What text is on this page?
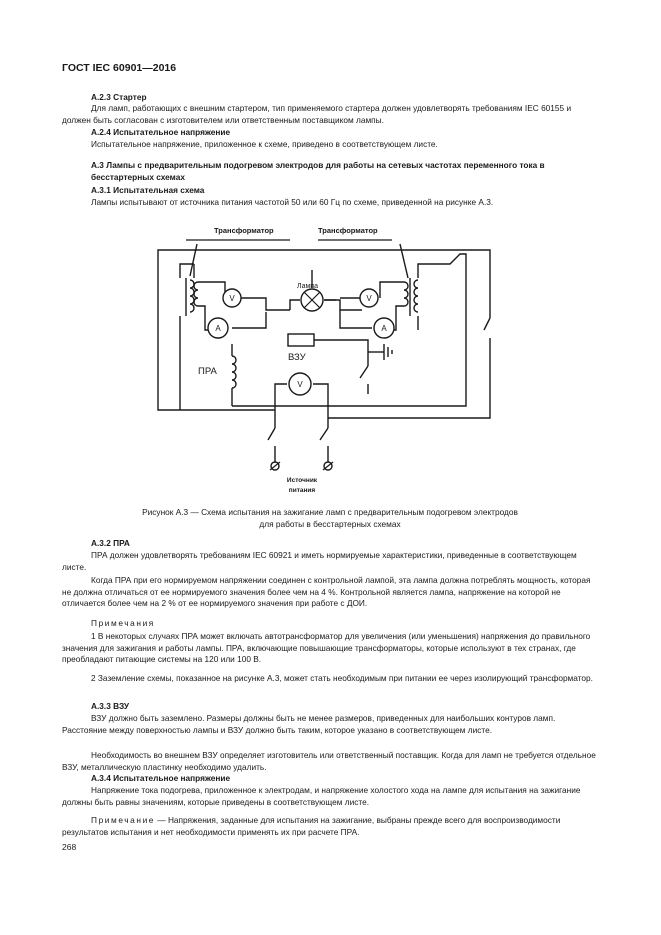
ГОСТ IEC 60901—2016
А.2.3 Стартер
Для ламп, работающих с внешним стартером, тип применяемого стартера должен удовлетворять требованиям IEC 60155 и должен быть согласован с изготовителем или ответственным поставщиком лампы.
А.2.4 Испытательное напряжение
Испытательное напряжение, приложенное к схеме, приведено в соответствующем листе.
А.3 Лампы с предварительным подогревом электродов для работы на сетевых частотах переменного тока в бесстартерных схемах
А.3.1 Испытательная схема
Лампы испытывают от источника питания частотой 50 или 60 Гц по схеме, приведенной на рисунке А.3.
V
A
V
A
V
Трансформатор	Трансформатор
Лампа
ВЗУ
ПРА
Источник
питания
Рисунок А.3 — Схема испытания на зажигание ламп с предварительным подогревом электродов
для работы в бесстартерных схемах
А.3.2 ПРА
ПРА должен удовлетворять требованиям IEC 60921 и иметь нормируемые характеристики, приведенные в соответствующем листе.
Когда ПРА при его нормируемом напряжении соединен с контрольной лампой, эта лампа должна потреблять мощность, которая не должна отличаться от ее нормируемого значения более чем на 4 %. Контрольной является лампа, напряжение на которой не отличается более чем на 2 % от ее нормируемого значения при работе с ДОИ.
Примечания
1 В некоторых случаях ПРА может включать автотрансформатор для увеличения (или уменьшения) напряжения до правильного значения для зажигания и работы лампы. ПРА, включающие повышающие трансформаторы, которые используют в тех странах, где преобладают питающие системы на 120 или 100 В.
2 Заземление схемы, показанное на рисунке А.3, может стать необходимым при питании ее через изолирующий трансформатор.
А.3.3 ВЗУ
ВЗУ должно быть заземлено. Размеры должны быть не менее размеров, приведенных для наибольших контуров ламп. Расстояние между поверхностью лампы и ВЗУ должно быть таким, которое указано в соответствующем листе.
Необходимость во внешнем ВЗУ определяет изготовитель или ответственный поставщик. Когда для ламп не требуется отдельное ВЗУ, металлическую пластинку необходимо удалить.
А.3.4 Испытательное напряжение
Напряжение тока подогрева, приложенное к электродам, и напряжение холостого хода на лампе для испытания на зажигание должны быть равны значениям, которые приведены в соответствующем листе.
Примечание — Напряжения, заданные для испытания на зажигание, выбраны прежде всего для воспроизводимости результатов испытания и нет необходимости применять их при расчете ПРА.
268
